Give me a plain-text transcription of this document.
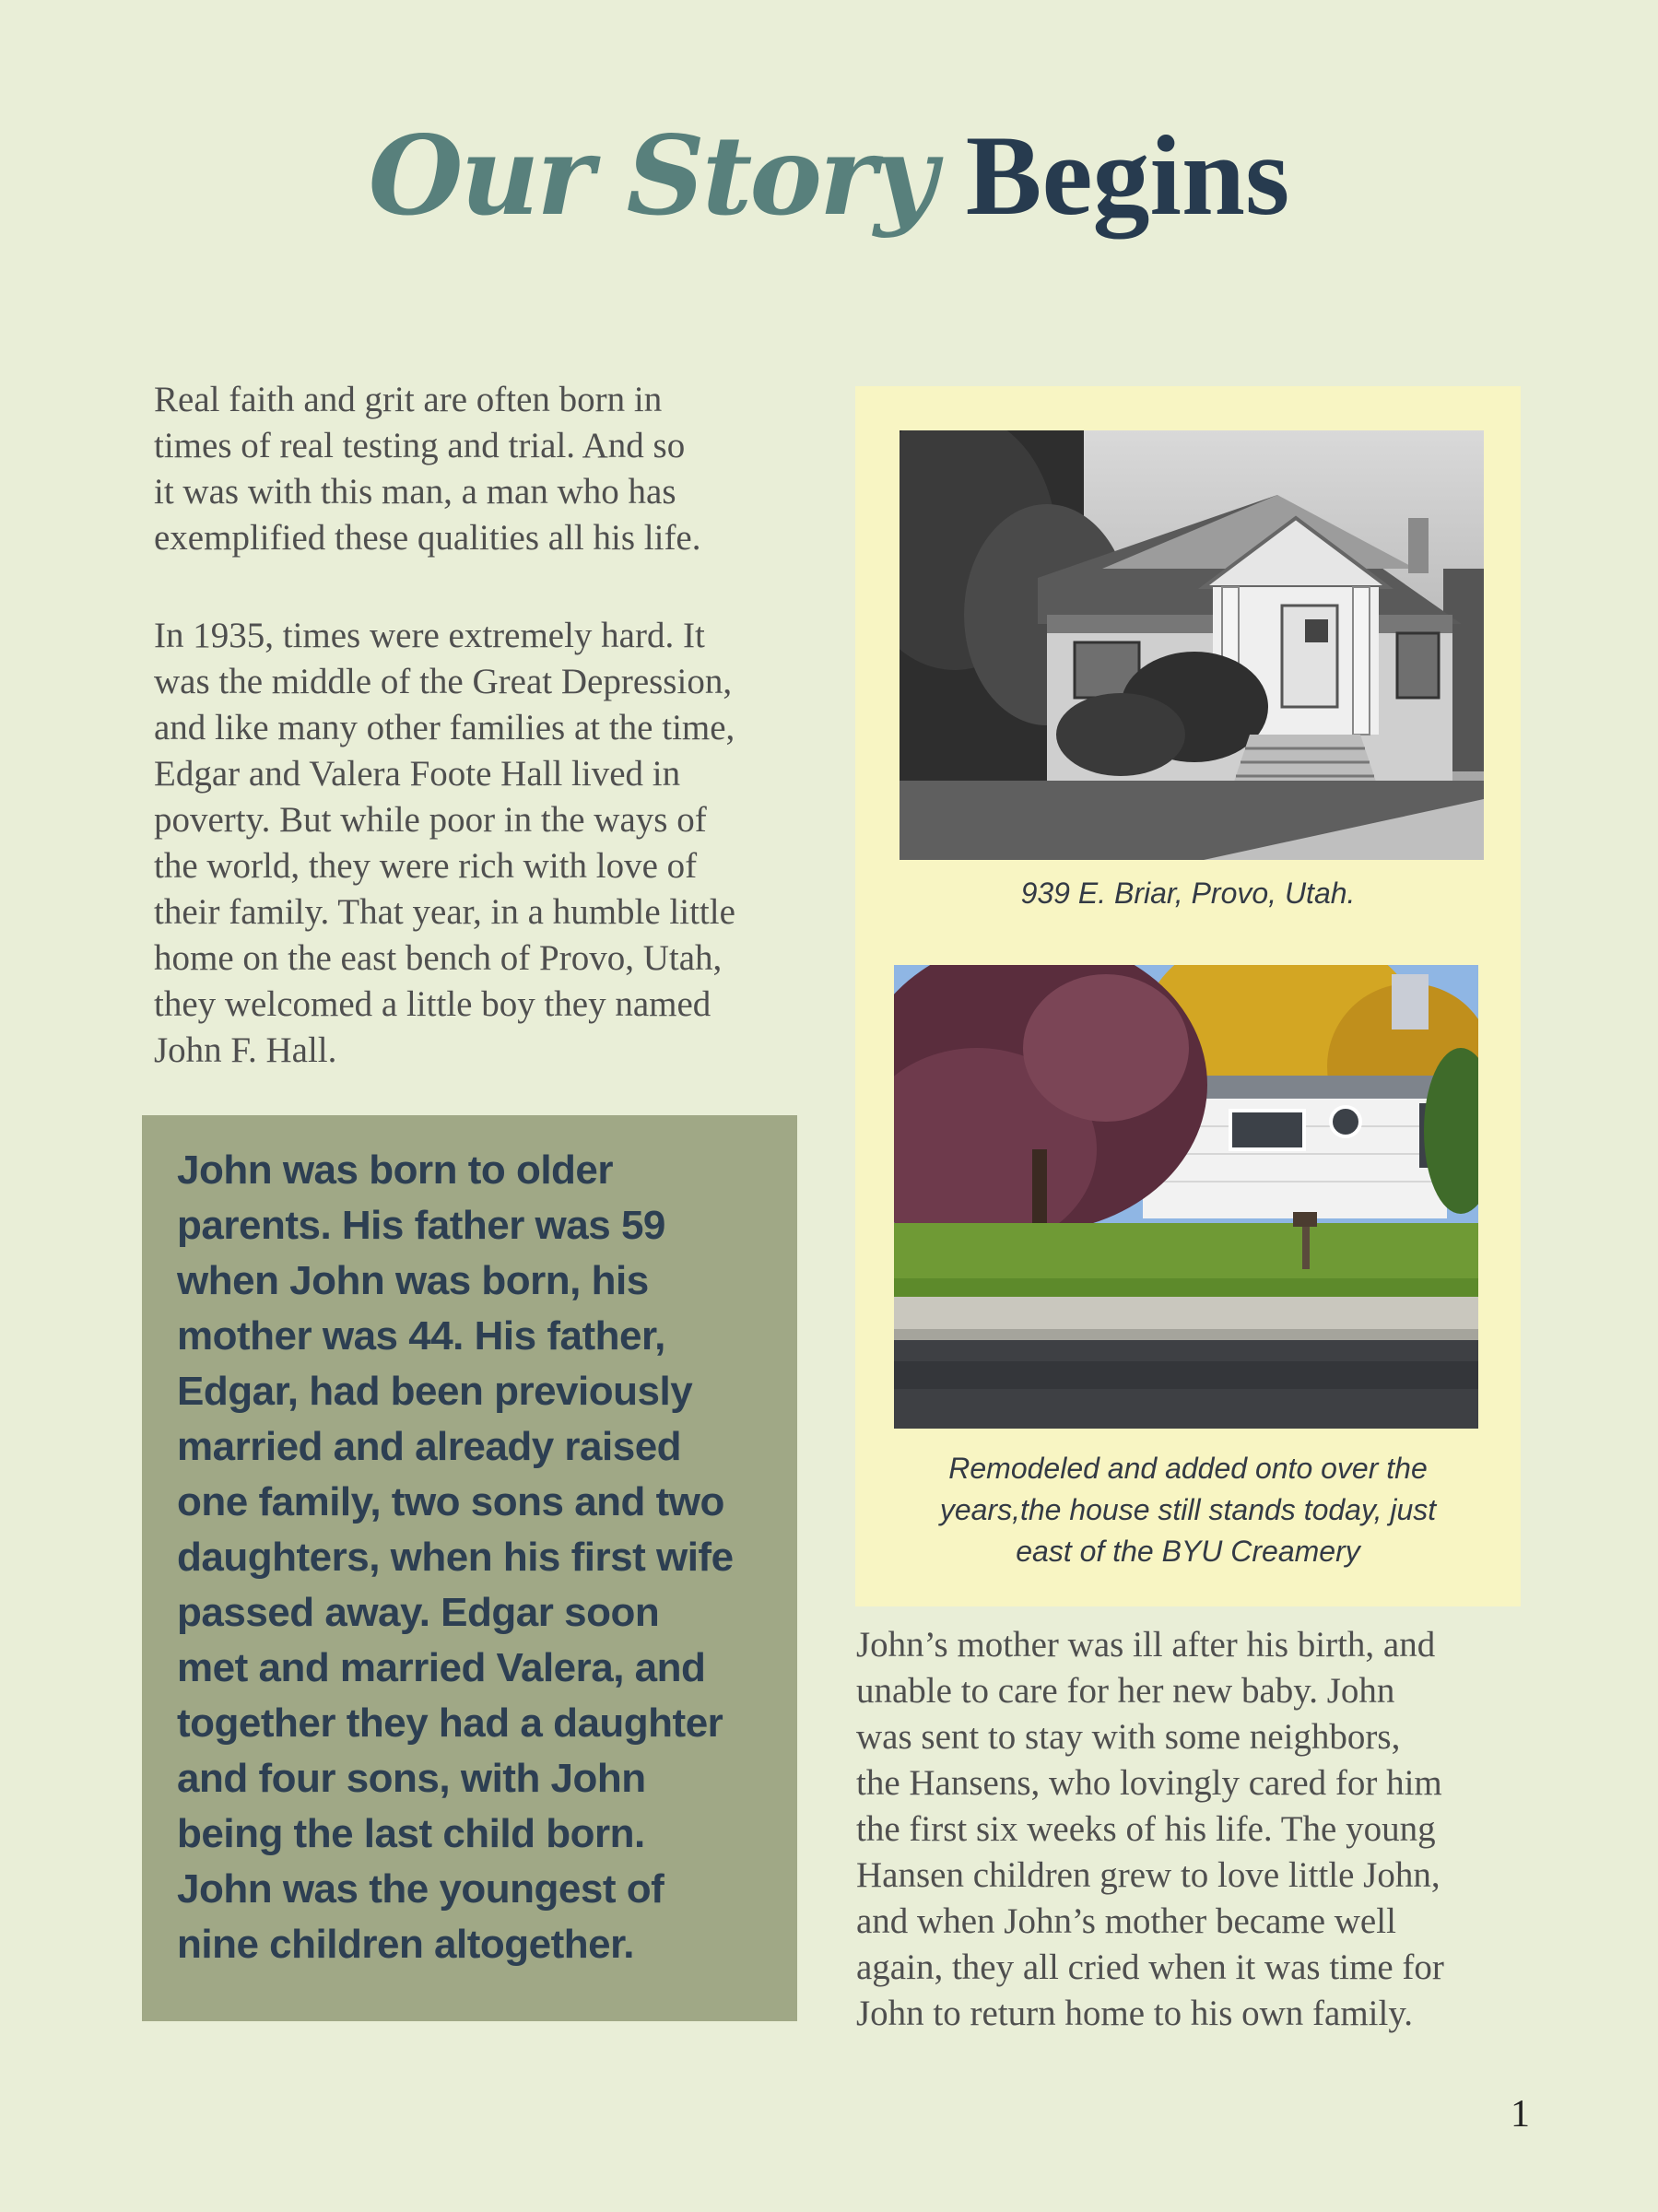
Our Story Begins

Real faith and grit are often born in
times of real testing and trial. And so
it was with this man, a man who has
exemplified these qualities all his life.

In 1935, times were extremely hard. It
was the middle of the Great Depression,
and like many other families at the time,
Edgar and Valera Foote Hall lived in
poverty. But while poor in the ways of
the world, they were rich with love of
their family. That year, in a humble little
home on the east bench of Provo, Utah,
they welcomed a little boy they named
John F. Hall.

John was born to older
parents. His father was 59
when John was born, his
mother was 44. His father,
Edgar, had been previously
married and already raised
one family, two sons and two
daughters, when his first wife
passed away. Edgar soon
met and married Valera, and
together they had a daughter
and four sons, with John
being the last child born.
John was the youngest of
nine children altogether.
939 E. Briar, Provo, Utah.
Remodeled and added onto over the
years,the house still stands today, just
east of the BYU Creamery

John’s mother was ill after his birth, and
unable to care for her new baby. John
was sent to stay with some neighbors,
the Hansens, who lovingly cared for him
the first six weeks of his life. The young
Hansen children grew to love little John,
and when John’s mother became well
again, they all cried when it was time for
John to return home to his own family.

1
